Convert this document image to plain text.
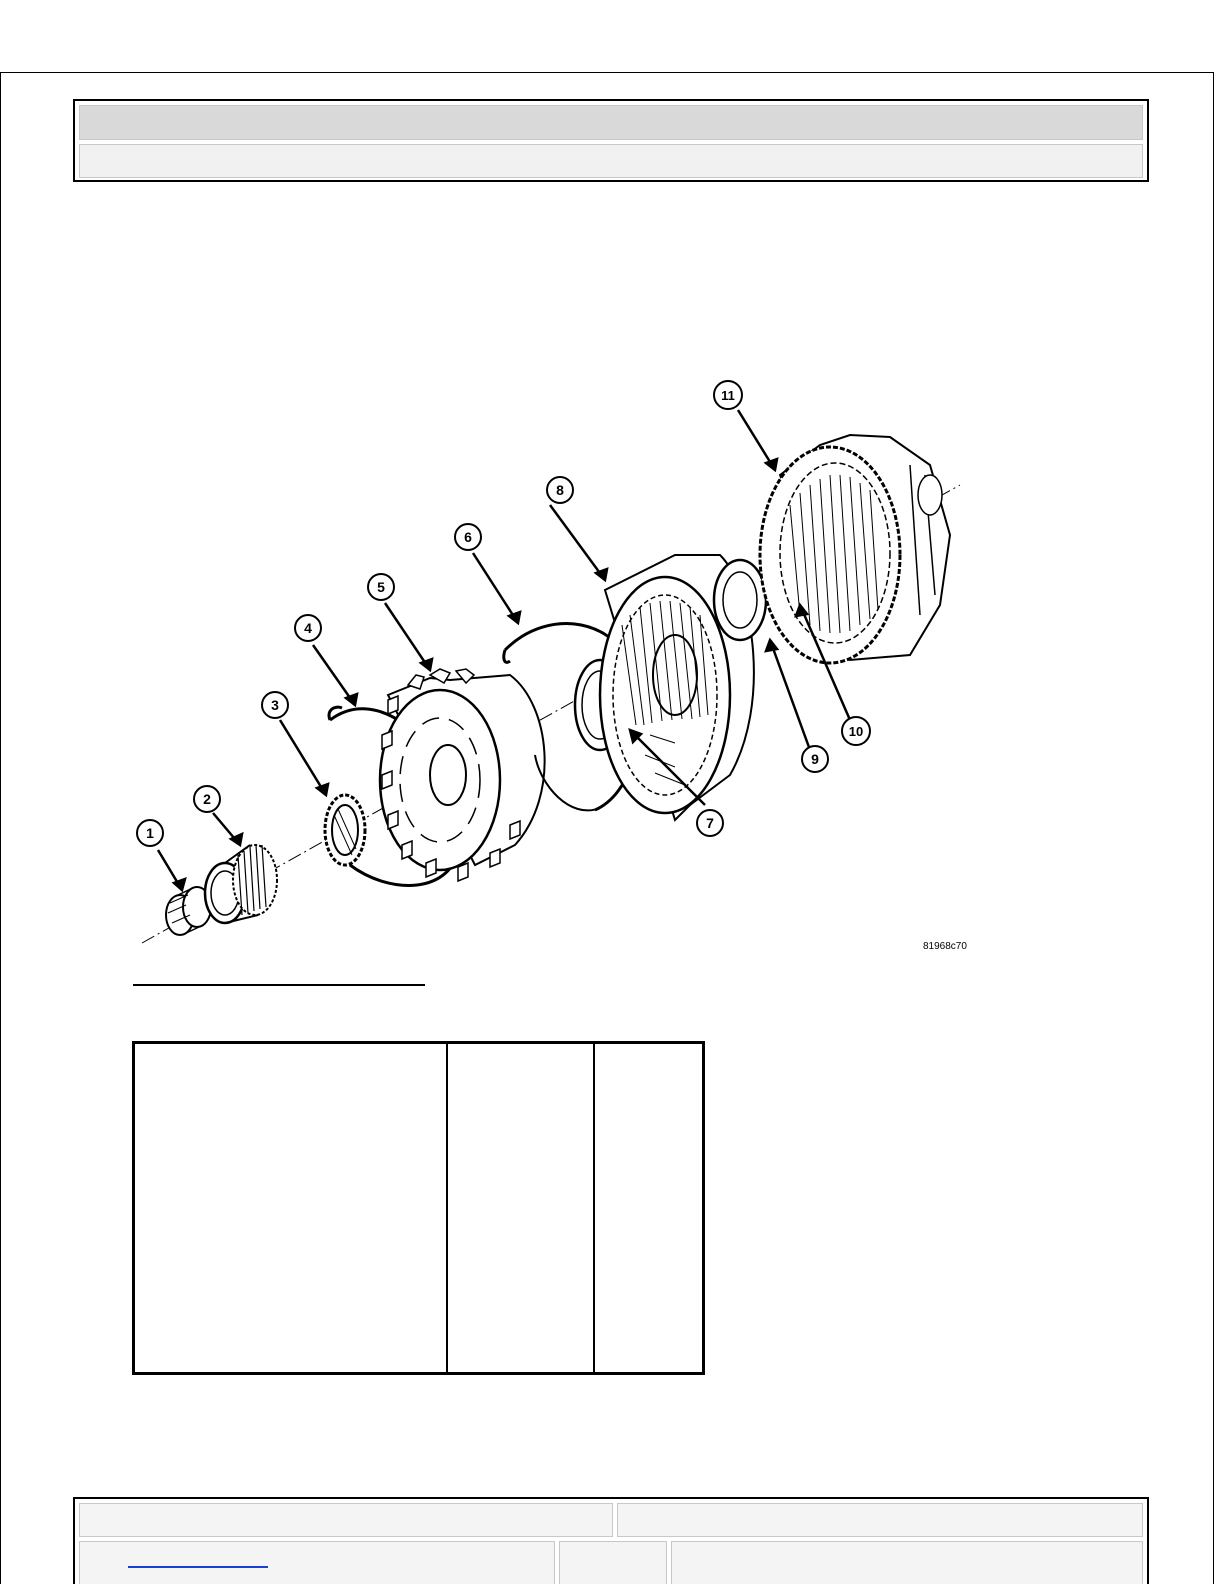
1
2
3
4
5
6
7
8
9
10
11
81968c70
